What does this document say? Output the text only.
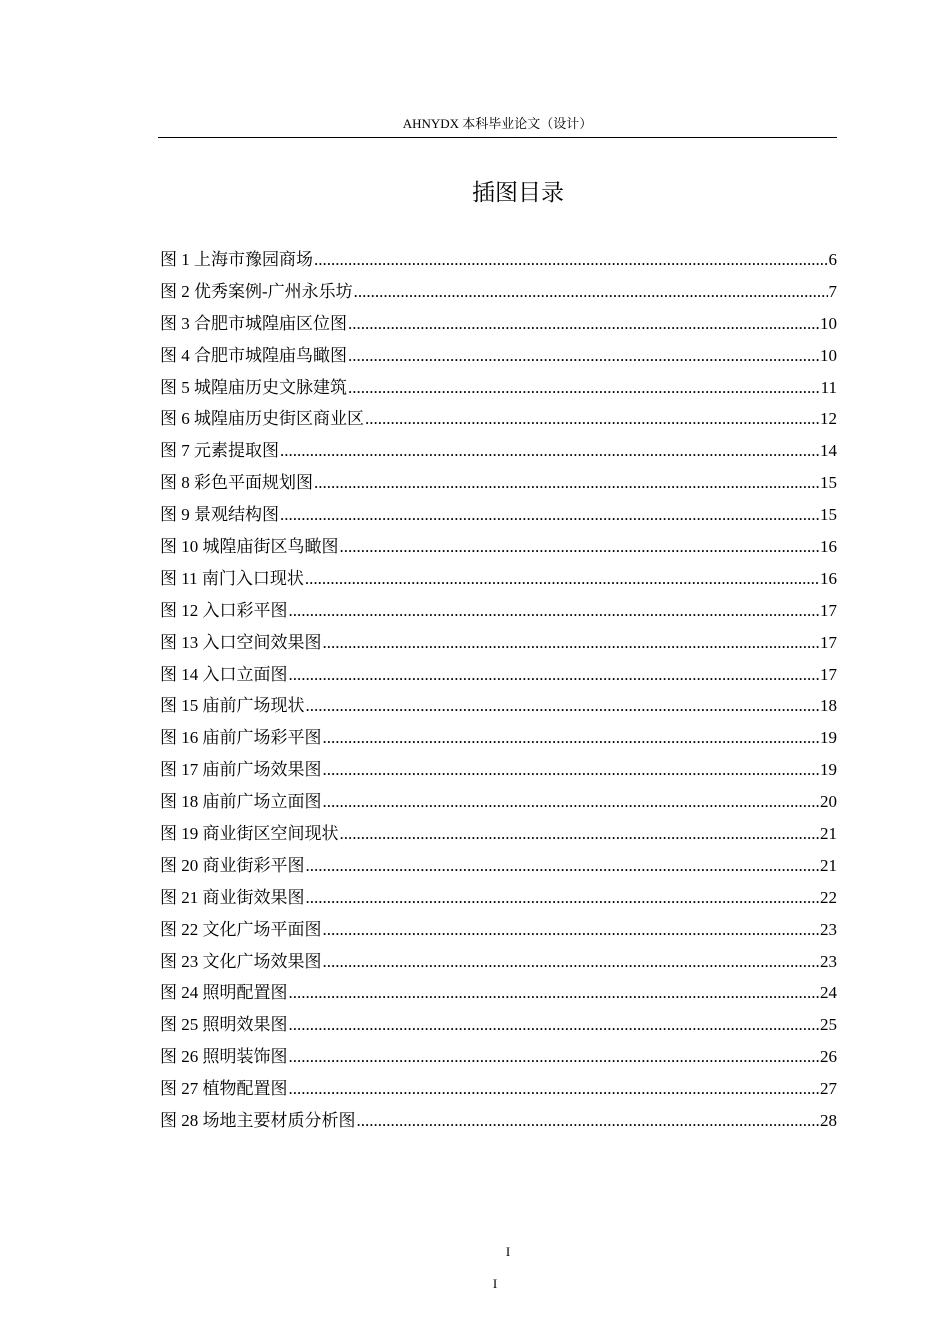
AHNYDX 本科毕业论文（设计）
插图目录
图 1 上海市豫园商场 .....	6
图 2 优秀案例-广州永乐坊 .....	7
图 3 合肥市城隍庙区位图 .....	10
图 4 合肥市城隍庙鸟瞰图 .....	10
图 5 城隍庙历史文脉建筑 .....	11
图 6 城隍庙历史街区商业区 .....	12
图 7 元素提取图 .....	14
图 8 彩色平面规划图 .....	15
图 9 景观结构图 .....	15
图 10 城隍庙街区鸟瞰图 .....	16
图 11 南门入口现状 .....	16
图 12 入口彩平图 .....	17
图 13 入口空间效果图 .....	17
图 14 入口立面图 .....	17
图 15 庙前广场现状 .....	18
图 16 庙前广场彩平图 .....	19
图 17 庙前广场效果图 .....	19
图 18 庙前广场立面图 .....	20
图 19 商业街区空间现状 .....	21
图 20 商业街彩平图 .....	21
图 21 商业街效果图 .....	22
图 22 文化广场平面图 .....	23
图 23 文化广场效果图 .....	23
图 24 照明配置图 .....	24
图 25 照明效果图 .....	25
图 26 照明装饰图 .....	26
图 27 植物配置图 .....	27
图 28 场地主要材质分析图 .....	28
I
I
